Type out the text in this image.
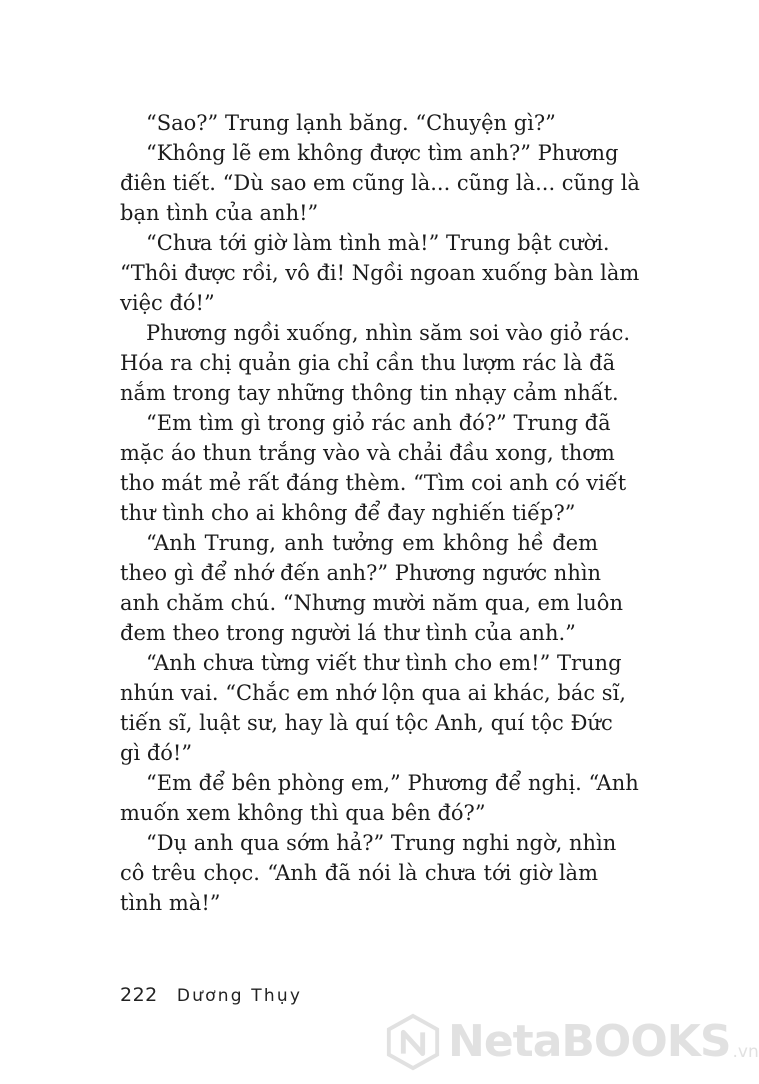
“Sao?” Trung lạnh băng. “Chuyện gì?”
“Không lẽ em không được tìm anh?” Phương
điên tiết. “Dù sao em cũng là... cũng là... cũng là
bạn tình của anh!”
“Chưa tới giờ làm tình mà!” Trung bật cười.
“Thôi được rồi, vô đi! Ngồi ngoan xuống bàn làm
việc đó!”
Phương ngồi xuống, nhìn săm soi vào giỏ rác.
Hóa ra chị quản gia chỉ cần thu lượm rác là đã
nắm trong tay những thông tin nhạy cảm nhất.
“Em tìm gì trong giỏ rác anh đó?” Trung đã
mặc áo thun trắng vào và chải đầu xong, thơm
tho mát mẻ rất đáng thèm. “Tìm coi anh có viết
thư tình cho ai không để đay nghiến tiếp?”
“Anh Trung, anh tưởng em không hề đem
theo gì để nhớ đến anh?” Phương ngước nhìn
anh chăm chú. “Nhưng mười năm qua, em luôn
đem theo trong người lá thư tình của anh.”
“Anh chưa từng viết thư tình cho em!” Trung
nhún vai. “Chắc em nhớ lộn qua ai khác, bác sĩ,
tiến sĩ, luật sư, hay là quí tộc Anh, quí tộc Đức
gì đó!”
“Em để bên phòng em,” Phương để nghị. “Anh
muốn xem không thì qua bên đó?”
“Dụ anh qua sớm hả?” Trung nghi ngờ, nhìn
cô trêu chọc. “Anh đã nói là chưa tới giờ làm
tình mà!”
222 Dương Thụy
NetaBOOKS .vn
